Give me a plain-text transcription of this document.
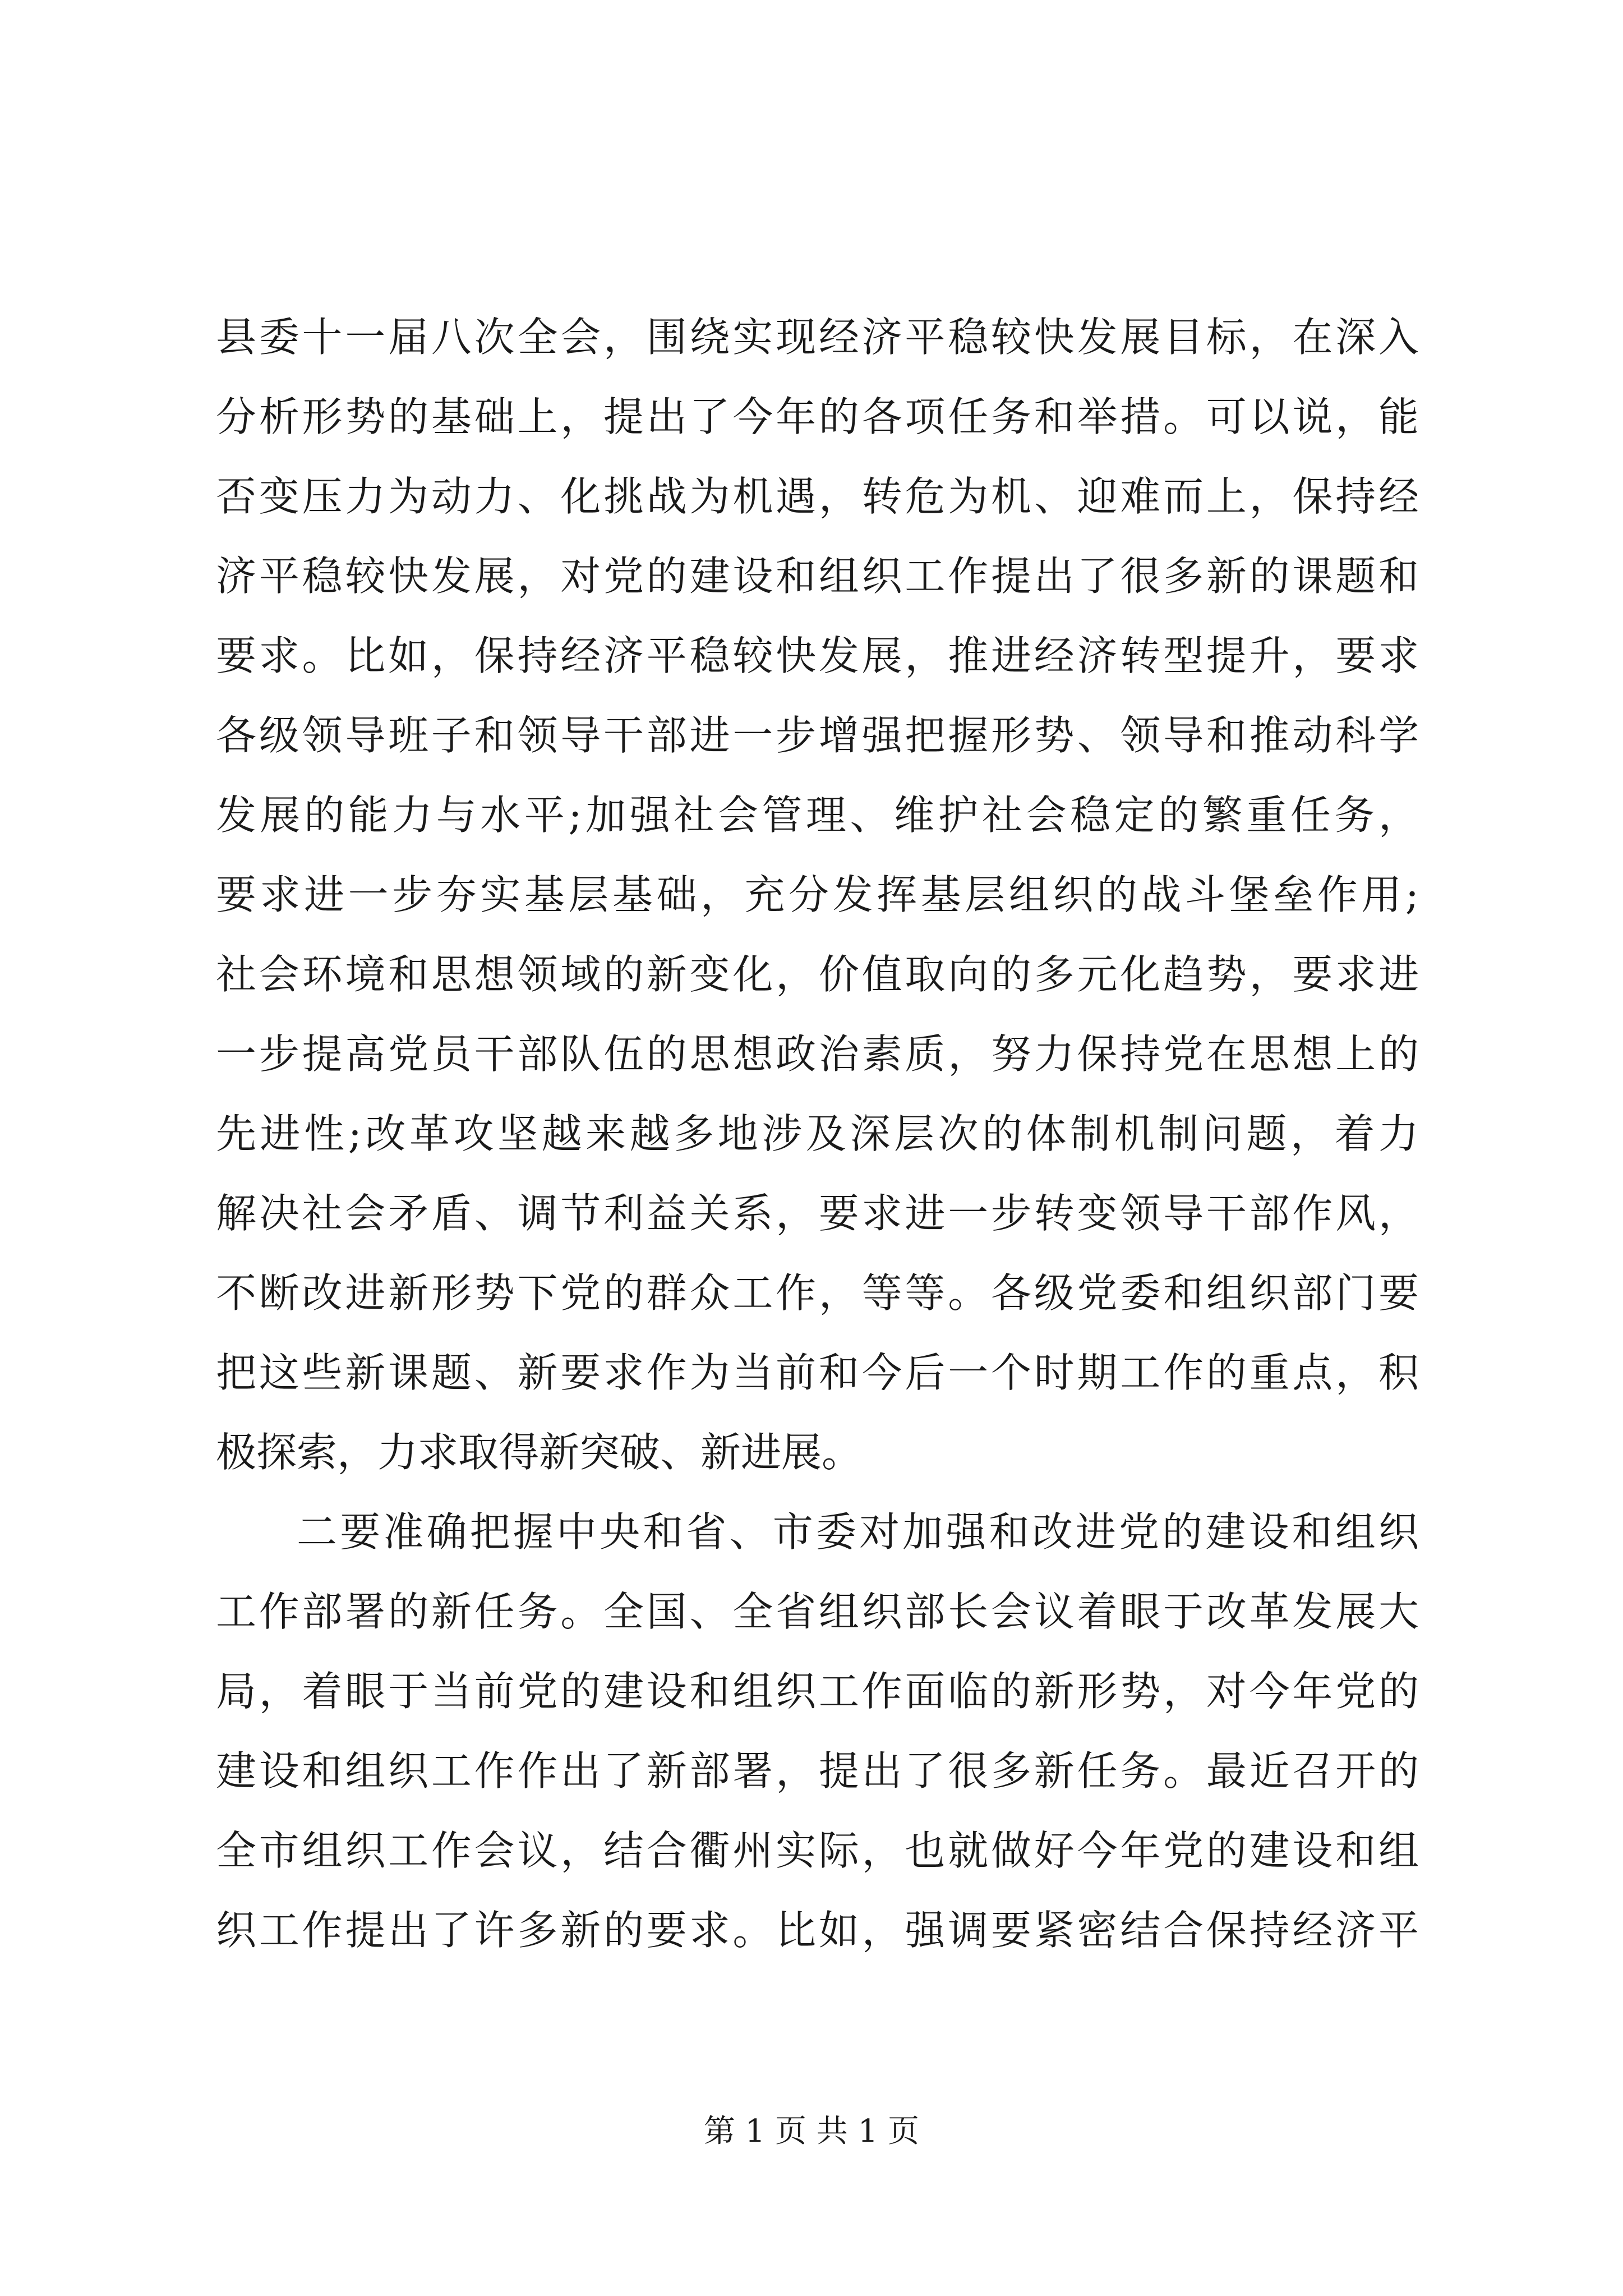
县委十一届八次全会，围绕实现经济平稳较快发展目标，在深入
分析形势的基础上，提出了今年的各项任务和举措。可以说，能
否变压力为动力、化挑战为机遇，转危为机、迎难而上，保持经
济平稳较快发展，对党的建设和组织工作提出了很多新的课题和
要求。比如，保持经济平稳较快发展，推进经济转型提升，要求
各级领导班子和领导干部进一步增强把握形势、领导和推动科学
发展的能力与水平;加强社会管理、维护社会稳定的繁重任务，
要求进一步夯实基层基础，充分发挥基层组织的战斗堡垒作用;
社会环境和思想领域的新变化，价值取向的多元化趋势，要求进
一步提高党员干部队伍的思想政治素质，努力保持党在思想上的
先进性;改革攻坚越来越多地涉及深层次的体制机制问题，着力
解决社会矛盾、调节利益关系，要求进一步转变领导干部作风，
不断改进新形势下党的群众工作，等等。各级党委和组织部门要
把这些新课题、新要求作为当前和今后一个时期工作的重点，积
极探索，力求取得新突破、新进展。
二要准确把握中央和省、市委对加强和改进党的建设和组织
工作部署的新任务。全国、全省组织部长会议着眼于改革发展大
局，着眼于当前党的建设和组织工作面临的新形势，对今年党的
建设和组织工作作出了新部署，提出了很多新任务。最近召开的
全市组织工作会议，结合衢州实际，也就做好今年党的建设和组
织工作提出了许多新的要求。比如，强调要紧密结合保持经济平
第 1 页 共 1 页
